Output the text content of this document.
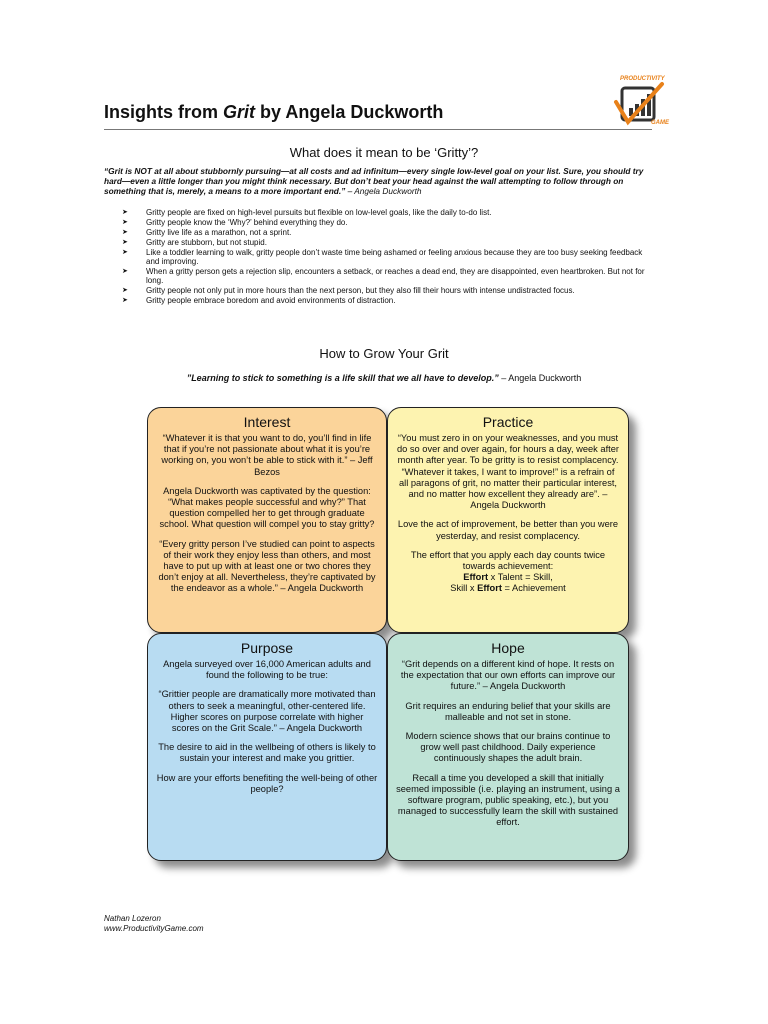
Insights from Grit by Angela Duckworth
PRODUCTIVITY
GAME
What does it mean to be ‘Gritty’?
“Grit is NOT at all about stubbornly pursuing—at all costs and ad infinitum—every single low-level goal on your list. Sure, you should try hard—even a little longer than you might think necessary. But don’t beat your head against the wall attempting to follow through on something that is, merely, a means to a more important end.” – Angela Duckworth
➤ Gritty people are fixed on high-level pursuits but flexible on low-level goals, like the daily to-do list.
➤ Gritty people know the ‘Why?’ behind everything they do.
➤ Gritty live life as a marathon, not a sprint.
➤ Gritty are stubborn, but not stupid.
➤ Like a toddler learning to walk, gritty people don’t waste time being ashamed or feeling anxious because they are too busy seeking feedback and improving.
➤ When a gritty person gets a rejection slip, encounters a setback, or reaches a dead end, they are disappointed, even heartbroken. But not for long.
➤ Gritty people not only put in more hours than the next person, but they also fill their hours with intense undistracted focus.
➤ Gritty people embrace boredom and avoid environments of distraction.
How to Grow Your Grit
”Learning to stick to something is a life skill that we all have to develop.” – Angela Duckworth
Interest

“Whatever it is that you want to do, you’ll find in life that if you’re not passionate about what it is you’re working on, you won’t be able to stick with it.” – Jeff Bezos

Angela Duckworth was captivated by the question: “What makes people successful and why?” That question compelled her to get through graduate school. What question will compel you to stay gritty?

“Every gritty person I’ve studied can point to aspects of their work they enjoy less than others, and most have to put up with at least one or two chores they don’t enjoy at all. Nevertheless, they’re captivated by the endeavor as a whole.” – Angela Duckworth

Practice

“You must zero in on your weaknesses, and you must do so over and over again, for hours a day, week after month after year. To be gritty is to resist complacency. “Whatever it takes, I want to improve!” is a refrain of all paragons of grit, no matter their particular interest, and no matter how excellent they already are”. – Angela Duckworth

Love the act of improvement, be better than you were yesterday, and resist complacency.

The effort that you apply each day counts twice towards achievement:

Effort x Talent = Skill,
Skill x Effort = Achievement
Purpose

Angela surveyed over 16,000 American adults and found the following to be true:

“Grittier people are dramatically more motivated than others to seek a meaningful, other-centered life. Higher scores on purpose correlate with higher scores on the Grit Scale.” – Angela Duckworth

The desire to aid in the wellbeing of others is likely to sustain your interest and make you grittier.

How are your efforts benefiting the well-being of other people?

Hope

“Grit depends on a different kind of hope. It rests on the expectation that our own efforts can improve our future.” – Angela Duckworth

Grit requires an enduring belief that your skills are malleable and not set in stone.

Modern science shows that our brains continue to grow well past childhood. Daily experience continuously shapes the adult brain.

Recall a time you developed a skill that initially seemed impossible (i.e. playing an instrument, using a software program, public speaking, etc.), but you managed to successfully learn the skill with sustained effort.

Nathan Lozeron
www.ProductivityGame.com
